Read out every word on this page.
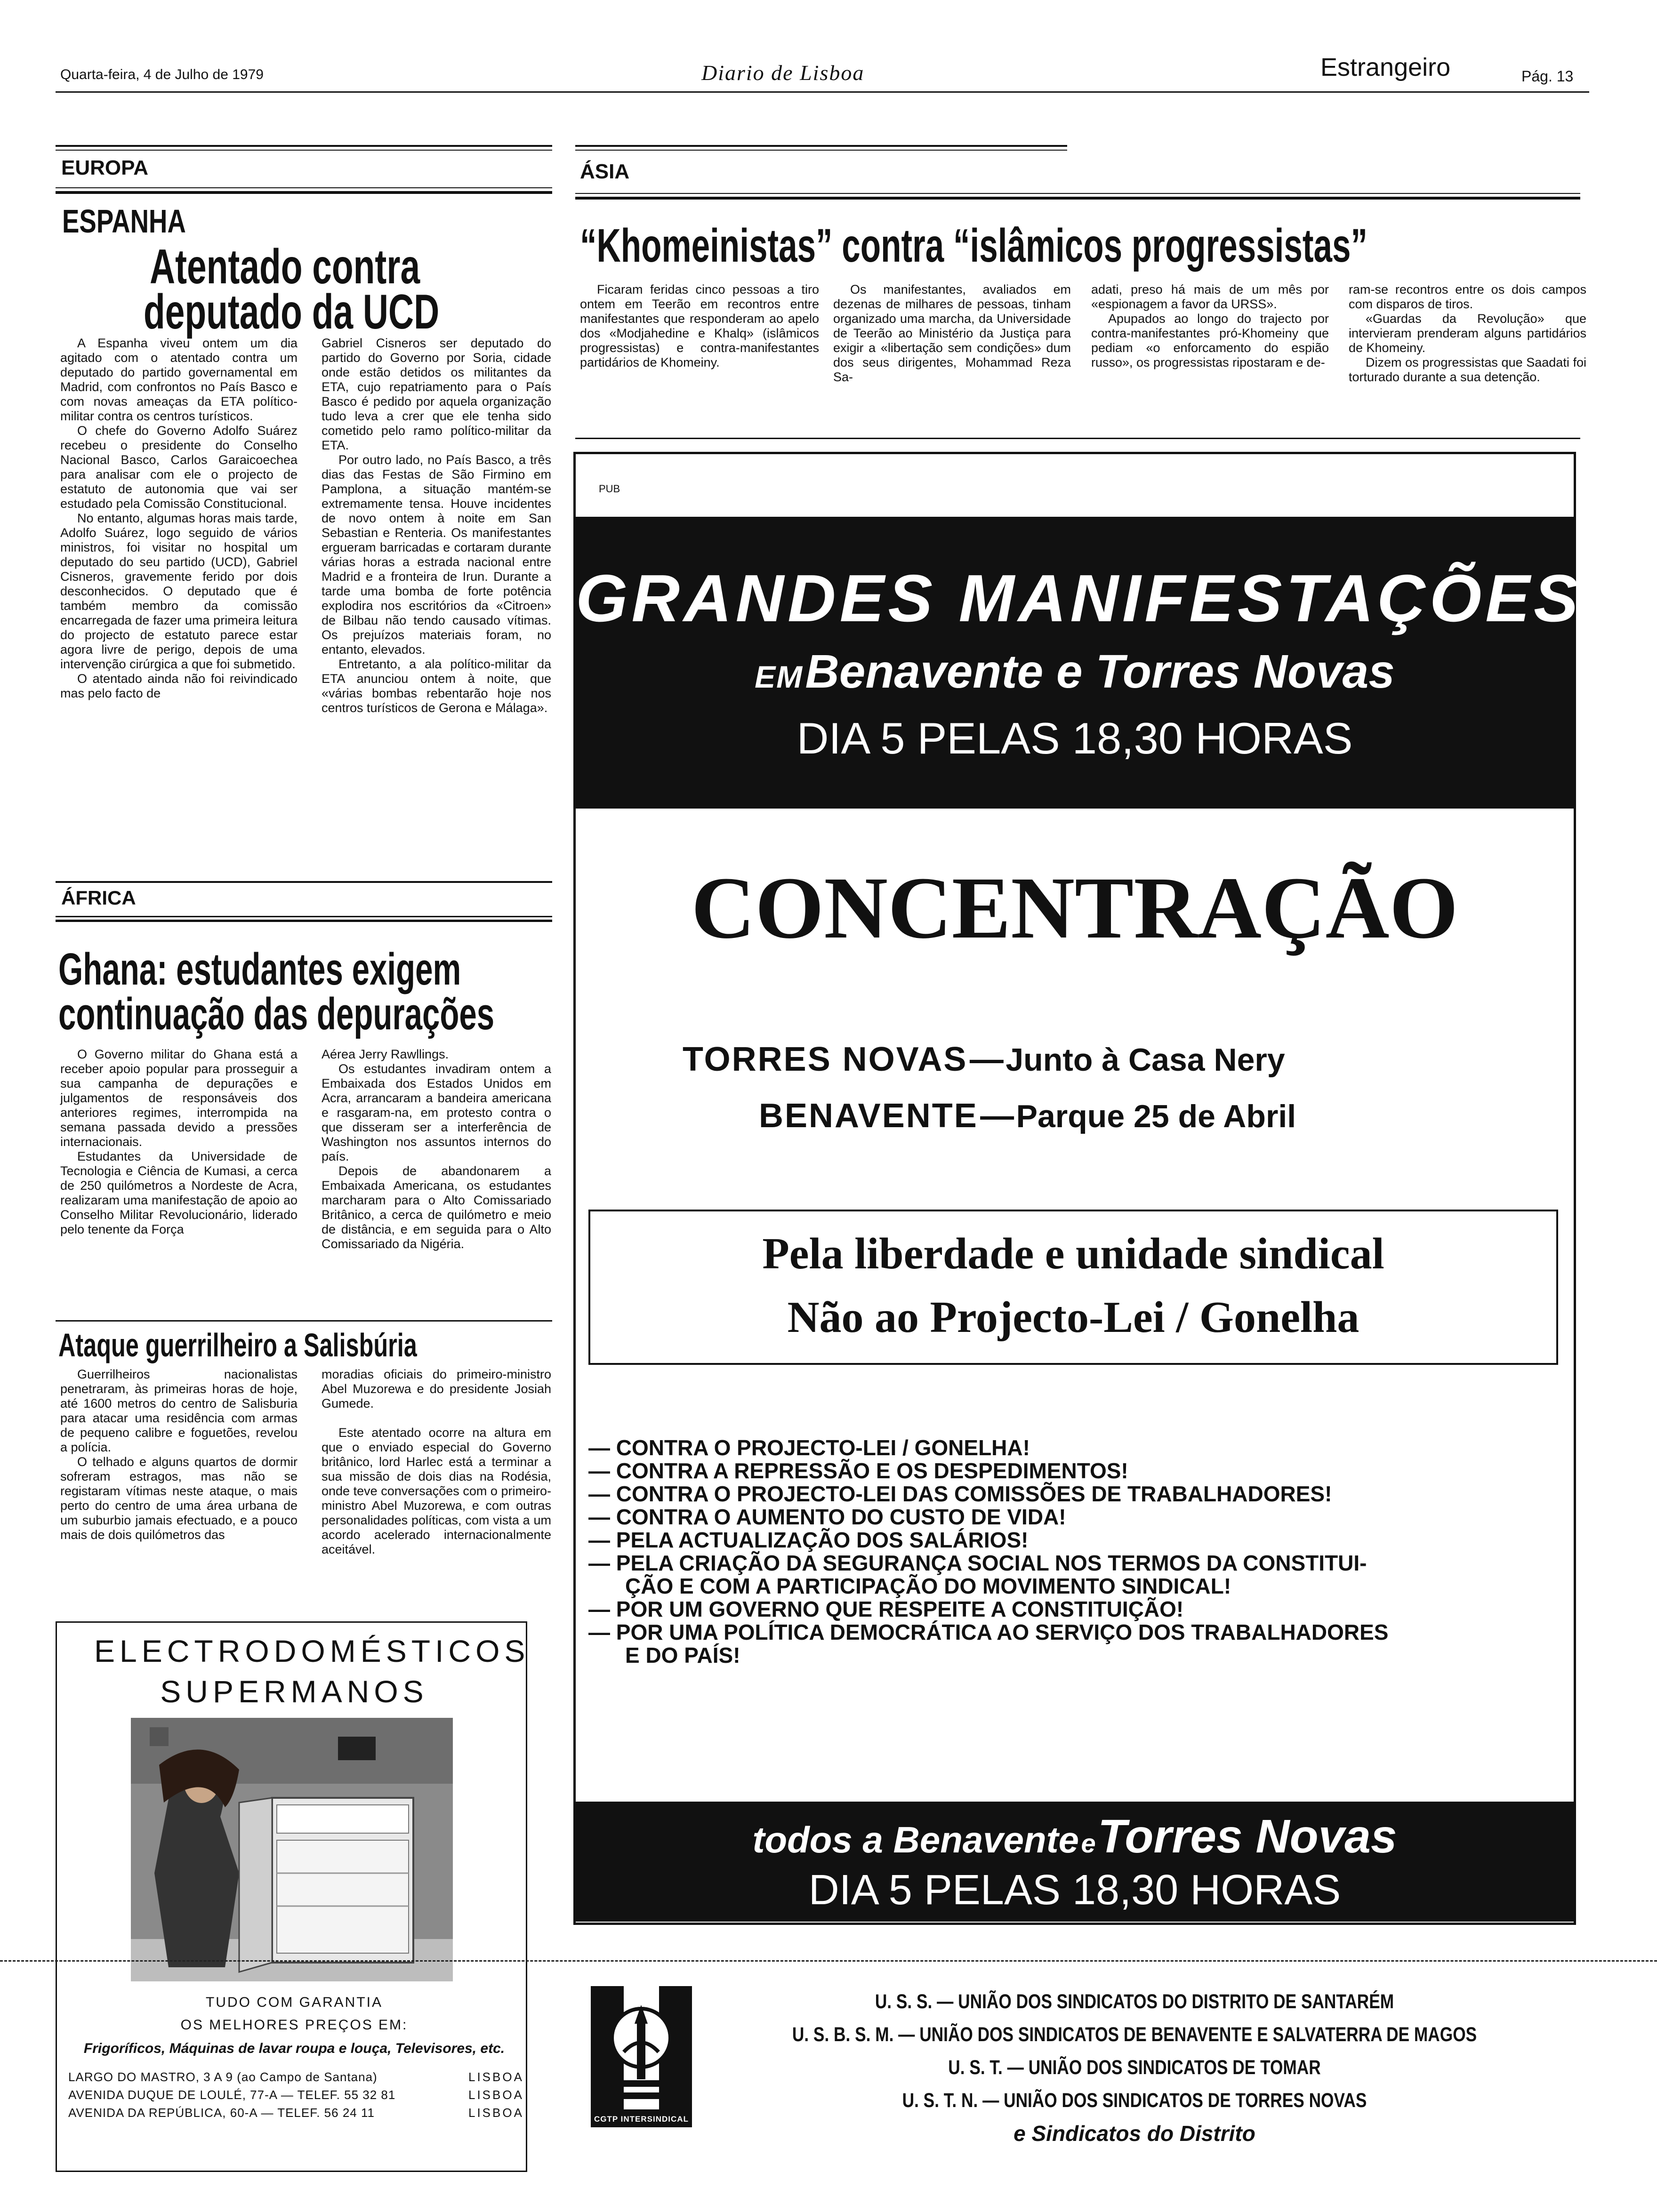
Quarta-feira, 4 de Julho de 1979	Diario de Lisboa	Estrangeiro	Pág. 13
EUROPA
ESPANHA
Atentado contra
deputado da UCD

A Espanha viveu ontem um dia agitado com o atentado contra um deputado do partido governamental em Madrid, com confrontos no País Basco e com novas ameaças da ETA político-militar contra os centros turísticos.

O chefe do Governo Adolfo Suárez recebeu o presidente do Conselho Nacional Basco, Carlos Garaicoechea para analisar com ele o projecto de estatuto de autonomia que vai ser estudado pela Comissão Constitucional.

No entanto, algumas horas mais tarde, Adolfo Suárez, logo seguido de vários ministros, foi visitar no hospital um deputado do seu partido (UCD), Gabriel Cisneros, gravemente ferido por dois desconhecidos. O deputado que é também membro da comissão encarregada de fazer uma primeira leitura do projecto de estatuto parece estar agora livre de perigo, depois de uma intervenção cirúrgica a que foi submetido.

O atentado ainda não foi reivindicado mas pelo facto de

Gabriel Cisneros ser deputado do partido do Governo por Soria, cidade onde estão detidos os militantes da ETA, cujo repatriamento para o País Basco é pedido por aquela organização tudo leva a crer que ele tenha sido cometido pelo ramo político-militar da ETA.

Por outro lado, no País Basco, a três dias das Festas de São Firmino em Pamplona, a situação mantém-se extremamente tensa. Houve incidentes de novo ontem à noite em San Sebastian e Renteria. Os manifestantes ergueram barricadas e cortaram durante várias horas a estrada nacional entre Madrid e a fronteira de Irun. Durante a tarde uma bomba de forte potência explodira nos escritórios da «Citroen» de Bilbau não tendo causado vítimas. Os prejuízos materiais foram, no entanto, elevados.

Entretanto, a ala político-militar da ETA anunciou ontem à noite, que «várias bombas rebentarão hoje nos centros turísticos de Gerona e Málaga».

ÁFRICA
Ghana: estudantes exigem
continuação das depurações

O Governo militar do Ghana está a receber apoio popular para prosseguir a sua campanha de depurações e julgamentos de responsáveis dos anteriores regimes, interrompida na semana passada devido a pressões internacionais.

Estudantes da Universidade de Tecnologia e Ciência de Kumasi, a cerca de 250 quilómetros a Nordeste de Acra, realizaram uma manifestação de apoio ao Conselho Militar Revolucionário, liderado pelo tenente da Força

Aérea Jerry Rawllings.

Os estudantes invadiram ontem a Embaixada dos Estados Unidos em Acra, arrancaram a bandeira americana e rasgaram-na, em protesto contra o que disseram ser a interferência de Washington nos assuntos internos do país.

Depois de abandonarem a Embaixada Americana, os estudantes marcharam para o Alto Comissariado Britânico, a cerca de quilómetro e meio de distância, e em seguida para o Alto Comissariado da Nigéria.

Ataque guerrilheiro a Salisbúria

Guerrilheiros nacionalistas penetraram, às primeiras horas de hoje, até 1600 metros do centro de Salisburia para atacar uma residência com armas de pequeno calibre e foguetões, revelou a polícia.

O telhado e alguns quartos de dormir sofreram estragos, mas não se registaram vítimas neste ataque, o mais perto do centro de uma área urbana de um suburbio jamais efectuado, e a pouco mais de dois quilómetros das

moradias oficiais do primeiro-ministro Abel Muzorewa e do presidente Josiah Gumede.

Este atentado ocorre na altura em que o enviado especial do Governo britânico, lord Harlec está a terminar a sua missão de dois dias na Rodésia, onde teve conversações com o primeiro-ministro Abel Muzorewa, e com outras personalidades políticas, com vista a um acordo acelerado internacionalmente aceitável.

ELECTRODOMÉSTICOS
SUPERMANOS
TUDO COM GARANTIA
OS MELHORES PREÇOS EM:
Frigoríficos, Máquinas de lavar roupa e louça, Televisores, etc.
LARGO DO MASTRO, 3 A 9 (ao Campo de Santana)	LISBOA
AVENIDA DUQUE DE LOULÉ, 77-A — TELEF. 55 32 81	LISBOA
AVENIDA DA REPÚBLICA, 60-A — TELEF. 56 24 11	LISBOA
ÁSIA
“Khomeinistas” contra “islâmicos progressistas”

Ficaram feridas cinco pessoas a tiro ontem em Teerão em recontros entre manifestantes que responderam ao apelo dos «Modjahedine e Khalq» (islâmicos progressistas) e contra-manifestantes partidários de Khomeiny.

Os manifestantes, avaliados em dezenas de milhares de pessoas, tinham organizado uma marcha, da Universidade de Teerão ao Ministério da Justiça para exigir a «libertação sem condições» dum dos seus dirigentes, Mohammad Reza Sa-

adati, preso há mais de um mês por «espionagem a favor da URSS».

Apupados ao longo do trajecto por contra-manifestantes pró-Khomeiny que pediam «o enforcamento do espião russo», os progressistas ripostaram e de-

ram-se recontros entre os dois campos com disparos de tiros.

«Guardas da Revolução» que intervieram prenderam alguns partidários de Khomeiny.

Dizem os progressistas que Saadati foi torturado durante a sua detenção.

PUB
GRANDES MANIFESTAÇÕES
EM Benavente e Torres Novas
DIA 5 PELAS 18,30 HORAS
CONCENTRAÇÃO
TORRES NOVAS — Junto à Casa Nery
BENAVENTE — Parque 25 de Abril
Pela liberdade e unidade sindical
Não ao Projecto-Lei / Gonelha
— CONTRA O PROJECTO-LEI / GONELHA!
— CONTRA A REPRESSÃO E OS DESPEDIMENTOS!
— CONTRA O PROJECTO-LEI DAS COMISSÕES DE TRABALHADORES!
— CONTRA O AUMENTO DO CUSTO DE VIDA!
— PELA ACTUALIZAÇÃO DOS SALÁRIOS!
— PELA CRIAÇÃO DA SEGURANÇA SOCIAL NOS TERMOS DA CONSTITUI-
ÇÃO E COM A PARTICIPAÇÃO DO MOVIMENTO SINDICAL!
— POR UM GOVERNO QUE RESPEITE A CONSTITUIÇÃO!
— POR UMA POLÍTICA DEMOCRÁTICA AO SERVIÇO DOS TRABALHADORES
E DO PAÍS!
todos a Benavente e Torres Novas
DIA 5 PELAS 18,30 HORAS
CGTP INTERSINDICAL
U. S. S. — UNIÃO DOS SINDICATOS DO DISTRITO DE SANTARÉM
U. S. B. S. M. — UNIÃO DOS SINDICATOS DE BENAVENTE E SALVATERRA DE MAGOS
U. S. T. — UNIÃO DOS SINDICATOS DE TOMAR
U. S. T. N. — UNIÃO DOS SINDICATOS DE TORRES NOVAS
e Sindicatos do Distrito
